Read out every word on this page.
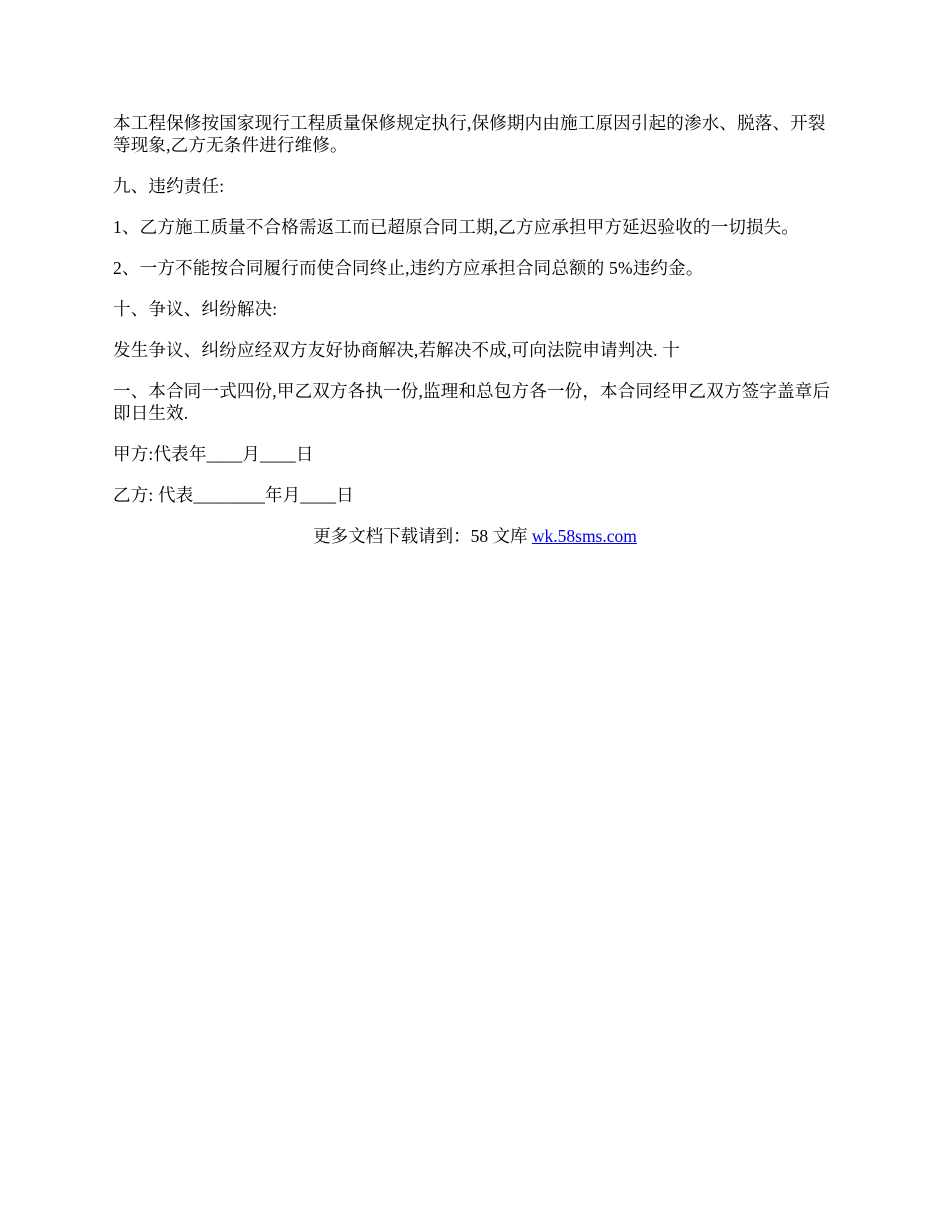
本工程保修按国家现行工程质量保修规定执行,保修期内由施工原因引起的渗水、脱落、开裂等现象,乙方无条件进行维修。

九、违约责任:

1、乙方施工质量不合格需返工而已超原合同工期,乙方应承担甲方延迟验收的一切损失。

2、一方不能按合同履行而使合同终止,违约方应承担合同总额的 5%违约金。

十、争议、纠纷解决:

发生争议、纠纷应经双方友好协商解决,若解决不成,可向法院申请判决. 十

一、本合同一式四份,甲乙双方各执一份,监理和总包方各一份，本合同经甲乙双方签字盖章后即日生效.

甲方:代表年____月____日

乙方: 代表________年月____日

更多文档下载请到：58 文库 wk.58sms.com
